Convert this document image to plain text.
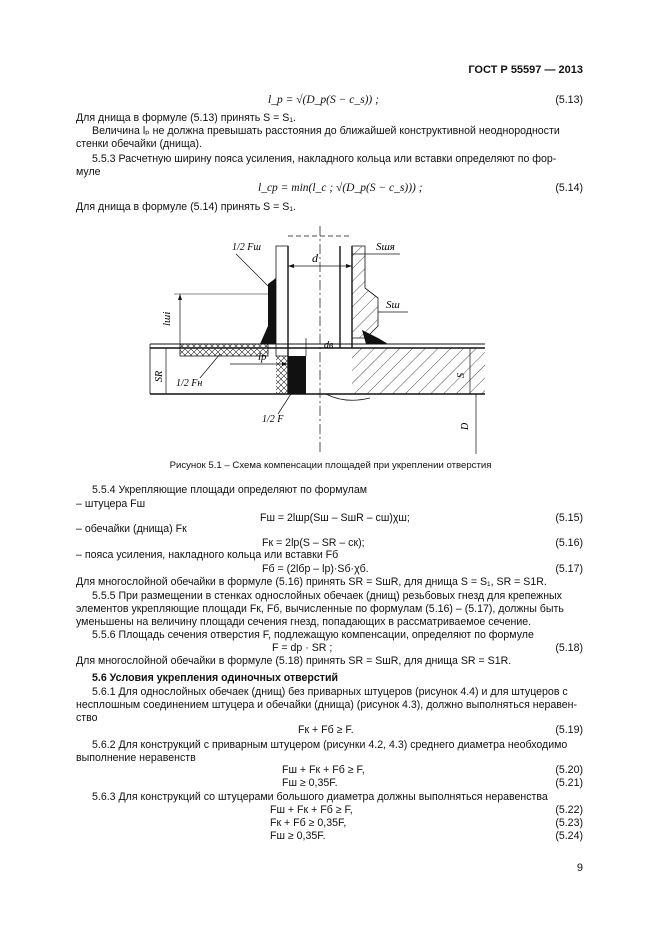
ГОСТ Р 55597 — 2013
l_p = √(D_p(S − c_s)) ;	(5.13)
Для днища в формуле (5.13) принять S = S₁.
Величина lₚ не должна превышать расстояния до ближайшей конструктивной неоднородности
стенки обечайки (днища).
5.5.3 Расчетную ширину пояса усиления, накладного кольца или вставки определяют по фор-
муле
l_cp = min(l_c ; √(D_p(S − c_s))) ;	(5.14)
Для днища в формуле (5.14) принять S = S₁.
d
Sшя
Sш
1/2 Fш
lшi
lp
dв
SR
1/2 Fн
S
D
1/2 F
Рисунок 5.1 – Схема компенсации площадей при укреплении отверстия
5.5.4 Укрепляющие площади определяют по формулам
– штуцера Fш
Fш = 2lшр(Sш – SшR – cш)χш;	(5.15)
– обечайки (днища) Fк
Fк = 2lр(S – SR – cк);	(5.16)
– пояса усиления, накладного кольца или вставки Fб
Fб = (2lбр – lр)·Sб·χб.	(5.17)
Для многослойной обечайки в формуле (5.16) принять SR = SшR, для днища S = S₁, SR = S1R.
5.5.5 При размещении в стенках однослойных обечаек (днищ) резьбовых гнезд для крепежных
элементов укрепляющие площади Fк, Fб, вычисленные по формулам (5.16) – (5.17), должны быть
уменьшены на величину площади сечения гнезд, попадающих в рассматриваемое сечение.
5.5.6 Площадь сечения отверстия F, подлежащую компенсации, определяют по формуле
F = dр · SR ;	(5.18)
Для многослойной обечайки в формуле (5.18) принять SR = SшR, для днища SR = S1R.
5.6 Условия укрепления одиночных отверстий
5.6.1 Для однослойных обечаек (днищ) без приварных штуцеров (рисунок 4.4) и для штуцеров с
несплошным соединением штуцера и обечайки (днища) (рисунок 4.3), должно выполняться неравен-
ство
Fк + Fб ≥ F.	(5.19)
5.6.2 Для конструкций с приварным штуцером (рисунки 4.2, 4.3) среднего диаметра необходимо
выполнение неравенств
Fш + Fк + Fб ≥ F,	(5.20)
Fш ≥ 0,35F.	(5.21)
5.6.3 Для конструкций со штуцерами большого диаметра должны выполняться неравенства
Fш + Fк + Fб ≥ F,	(5.22)
Fк + Fб ≥ 0,35F,	(5.23)
Fш ≥ 0,35F.	(5.24)
9
